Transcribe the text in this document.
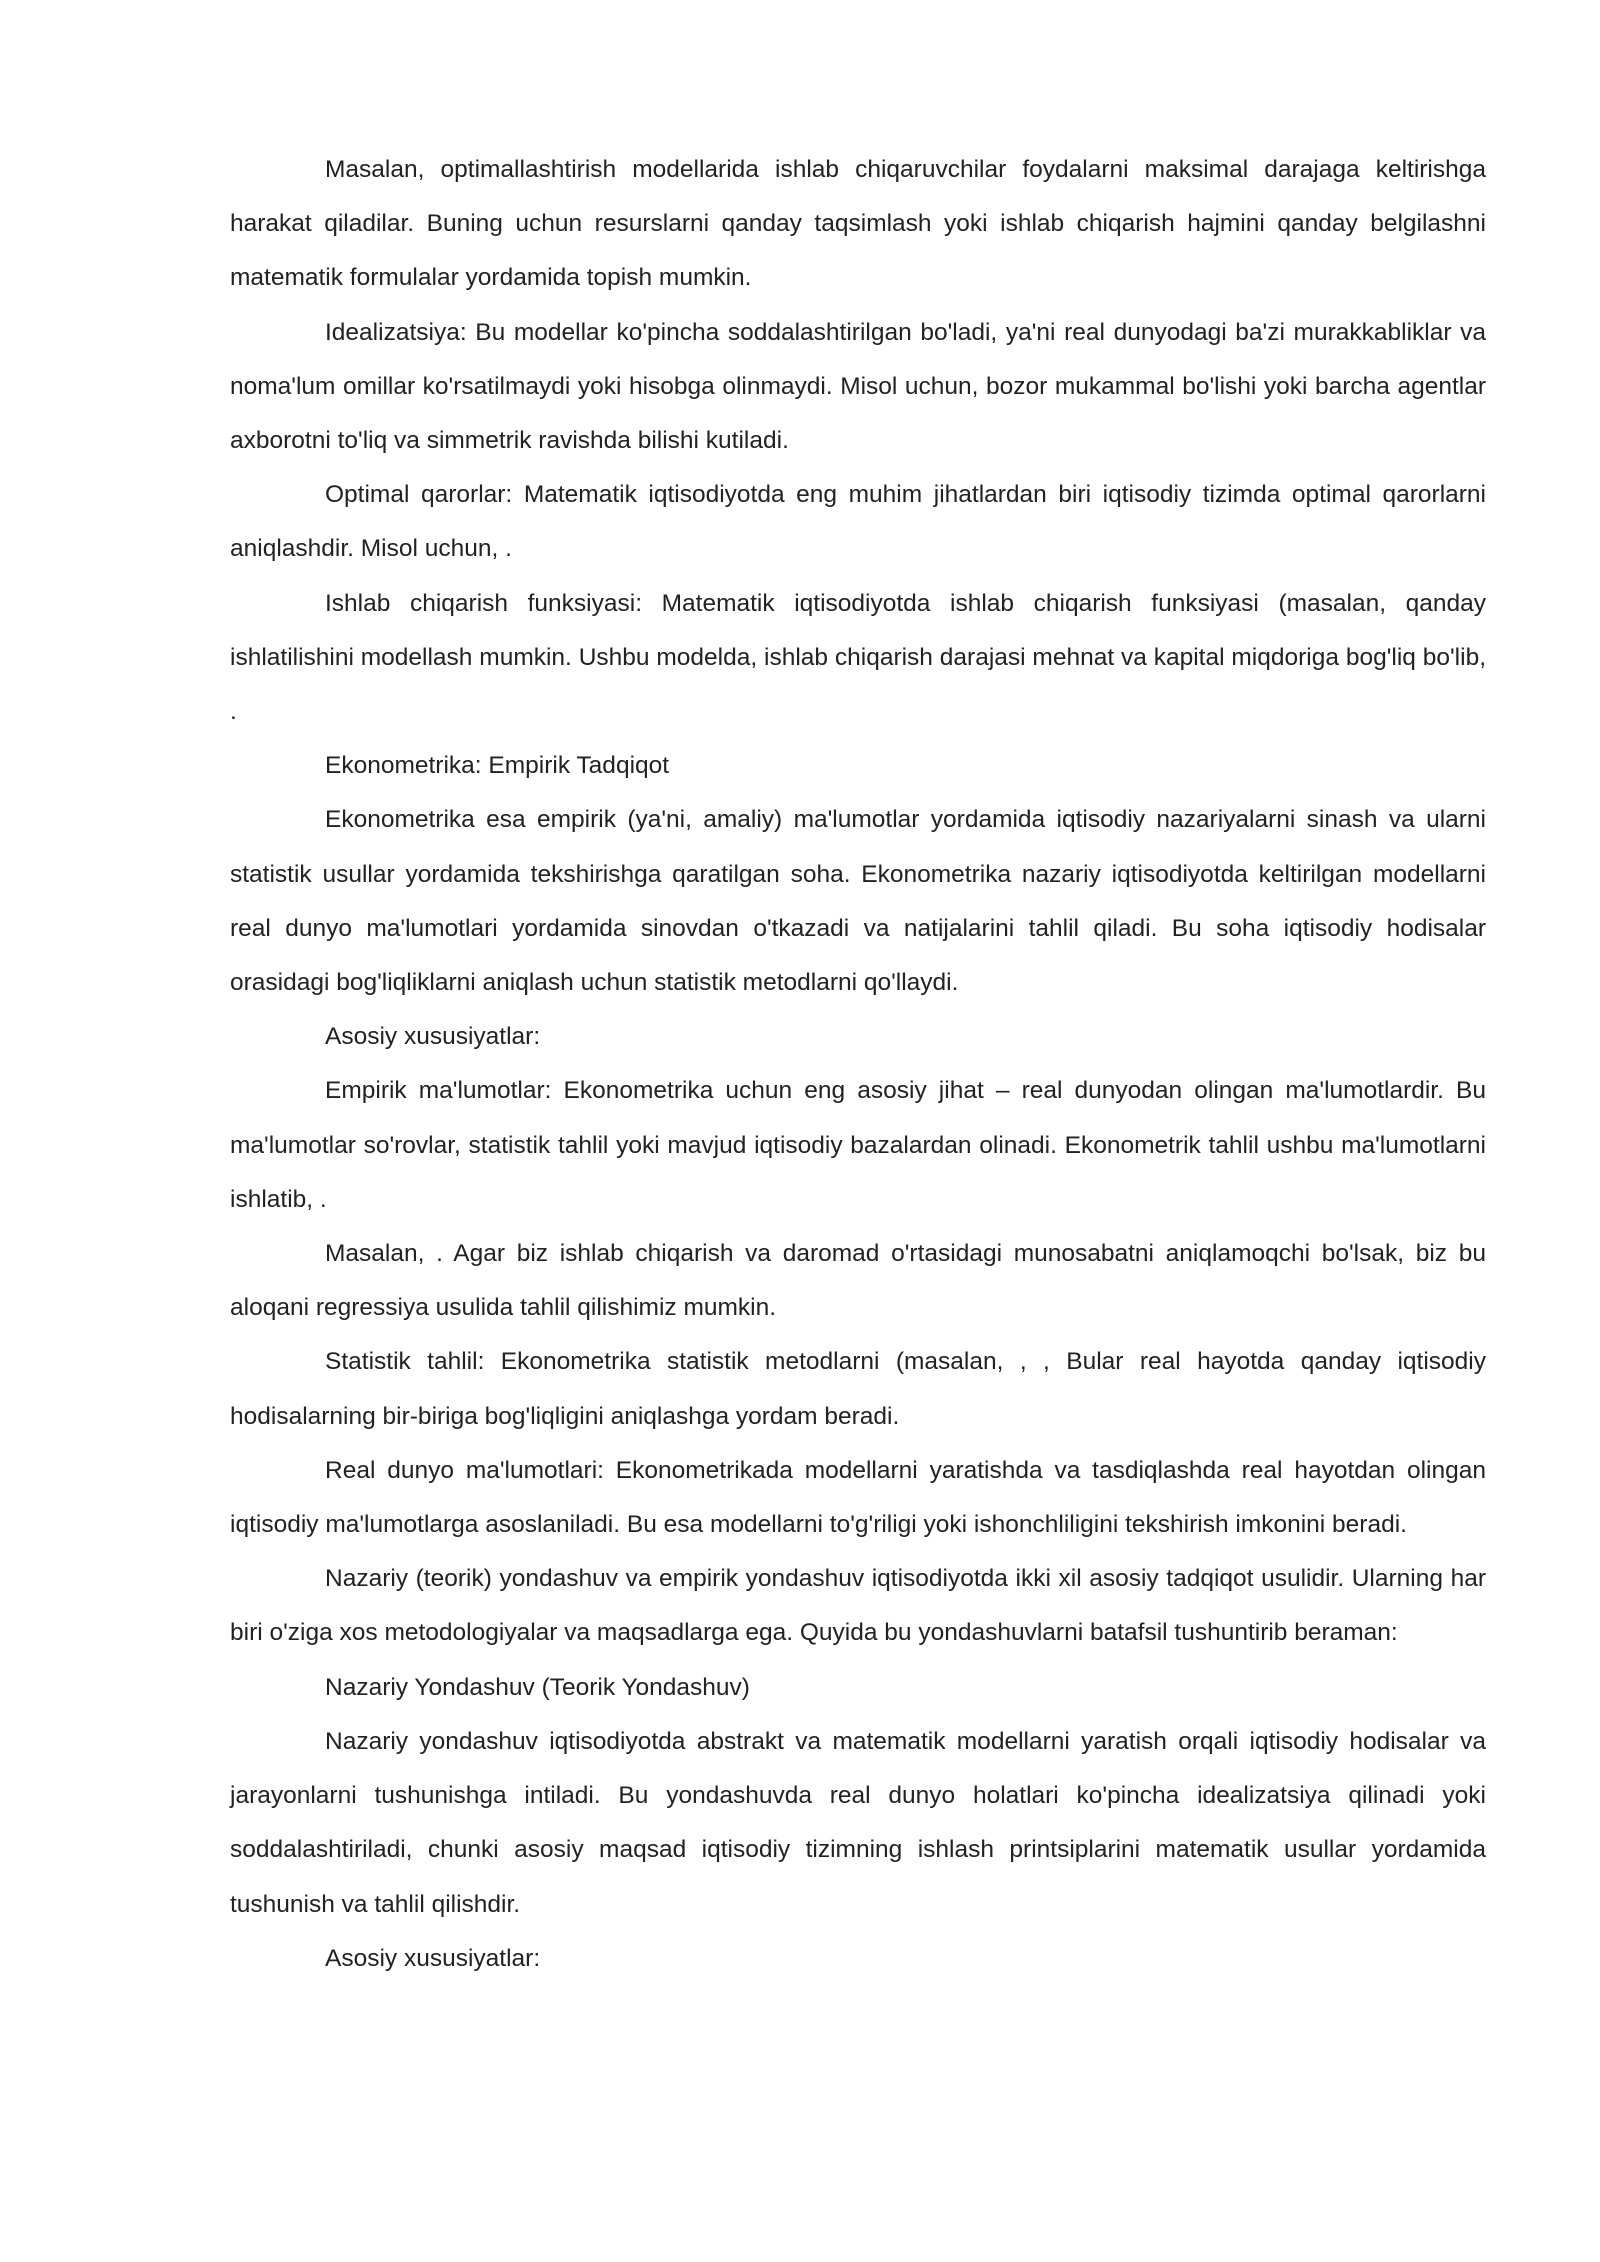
Masalan, optimallashtirish modellarida ishlab chiqaruvchilar foydalarni maksimal darajaga keltirishga harakat qiladilar. Buning uchun resurslarni qanday taqsimlash yoki ishlab chiqarish hajmini qanday belgilashni matematik formulalar yordamida topish mumkin.

Idealizatsiya: Bu modellar ko'pincha soddalashtirilgan bo'ladi, ya'ni real dunyodagi ba'zi murakkabliklar va noma'lum omillar ko'rsatilmaydi yoki hisobga olinmaydi. Misol uchun, bozor mukammal bo'lishi yoki barcha agentlar axborotni to'liq va simmetrik ravishda bilishi kutiladi.

Optimal qarorlar: Matematik iqtisodiyotda eng muhim jihatlardan biri iqtisodiy tizimda optimal qarorlarni aniqlashdir. Misol uchun, .

Ishlab chiqarish funksiyasi: Matematik iqtisodiyotda ishlab chiqarish funksiyasi (masalan, qanday ishlatilishini modellash mumkin. Ushbu modelda, ishlab chiqarish darajasi mehnat va kapital miqdoriga bog'liq bo'lib, .

Ekonometrika: Empirik Tadqiqot

Ekonometrika esa empirik (ya'ni, amaliy) ma'lumotlar yordamida iqtisodiy nazariyalarni sinash va ularni statistik usullar yordamida tekshirishga qaratilgan soha. Ekonometrika nazariy iqtisodiyotda keltirilgan modellarni real dunyo ma'lumotlari yordamida sinovdan o'tkazadi va natijalarini tahlil qiladi. Bu soha iqtisodiy hodisalar orasidagi bog'liqliklarni aniqlash uchun statistik metodlarni qo'llaydi.

Asosiy xususiyatlar:

Empirik ma'lumotlar: Ekonometrika uchun eng asosiy jihat – real dunyodan olingan ma'lumotlardir. Bu ma'lumotlar so'rovlar, statistik tahlil yoki mavjud iqtisodiy bazalardan olinadi. Ekonometrik tahlil ushbu ma'lumotlarni ishlatib, .

Masalan, . Agar biz ishlab chiqarish va daromad o'rtasidagi munosabatni aniqlamoqchi bo'lsak, biz bu aloqani regressiya usulida tahlil qilishimiz mumkin.

Statistik tahlil: Ekonometrika statistik metodlarni (masalan, , , Bular real hayotda qanday iqtisodiy hodisalarning bir-biriga bog'liqligini aniqlashga yordam beradi.

Real dunyo ma'lumotlari: Ekonometrikada modellarni yaratishda va tasdiqlashda real hayotdan olingan iqtisodiy ma'lumotlarga asoslaniladi. Bu esa modellarni to'g'riligi yoki ishonchliligini tekshirish imkonini beradi.

Nazariy (teorik) yondashuv va empirik yondashuv iqtisodiyotda ikki xil asosiy tadqiqot usulidir. Ularning har biri o'ziga xos metodologiyalar va maqsadlarga ega. Quyida bu yondashuvlarni batafsil tushuntirib beraman:

Nazariy Yondashuv (Teorik Yondashuv)

Nazariy yondashuv iqtisodiyotda abstrakt va matematik modellarni yaratish orqali iqtisodiy hodisalar va jarayonlarni tushunishga intiladi. Bu yondashuvda real dunyo holatlari ko'pincha idealizatsiya qilinadi yoki soddalashtiriladi, chunki asosiy maqsad iqtisodiy tizimning ishlash printsiplarini matematik usullar yordamida tushunish va tahlil qilishdir.

Asosiy xususiyatlar:
